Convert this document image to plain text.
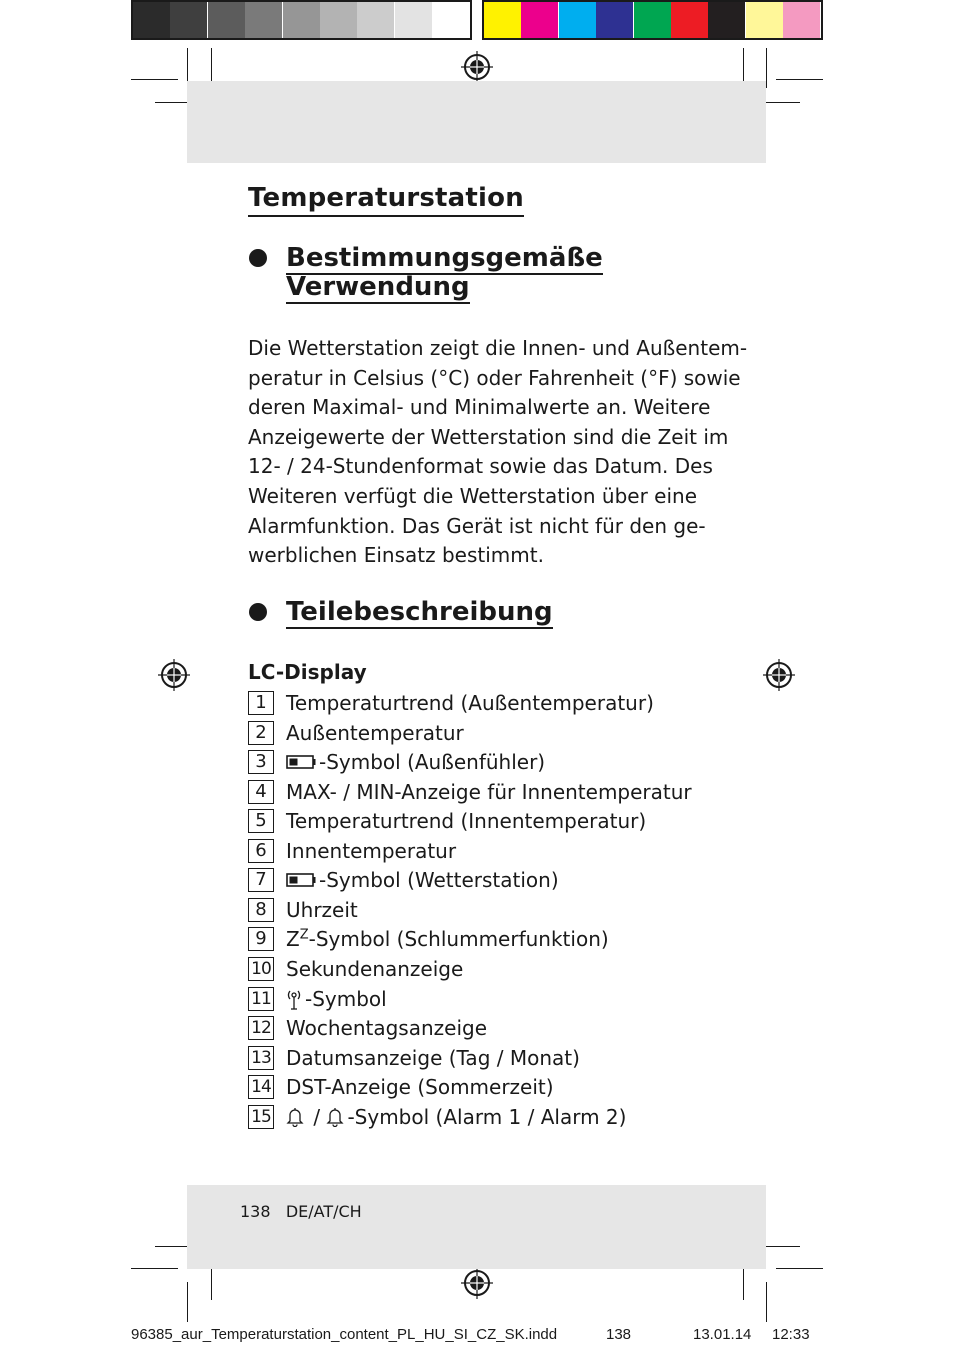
Temperaturstation
Bestimmungsgemäße
Verwendung
Die Wetterstation zeigt die Innen- und Außentem-
peratur in Celsius (°C) oder Fahrenheit (°F) sowie
deren Maximal- und Minimalwerte an. Weitere
Anzeigewerte der Wetterstation sind die Zeit im
12- / 24-Stundenformat sowie das Datum. Des
Weiteren verfügt die Wetterstation über eine
Alarmfunktion. Das Gerät ist nicht für den ge-
werblichen Einsatz bestimmt.
Teilebeschreibung
LC-Display
1 Temperaturtrend (Außentemperatur)
2 Außentemperatur
3	-Symbol (Außenfühler)
4 MAX- / MIN-Anzeige für Innentemperatur
5 Temperaturtrend (Innentemperatur)
6 Innentemperatur
7	-Symbol (Wetterstation)
8 Uhrzeit
9 $Z^Z$ -Symbol (Schlummerfunktion)
10 Sekundenanzeige
11 -Symbol
12 Wochentagsanzeige
13 Datumsanzeige (Tag / Monat)
14 DST-Anzeige (Sommerzeit)
15 / -Symbol (Alarm 1 / Alarm 2)
138 DE/AT/CH
96385_aur_Temperaturstation_content_PL_HU_SI_CZ_SK.indd	138	13.01.14 12:33
